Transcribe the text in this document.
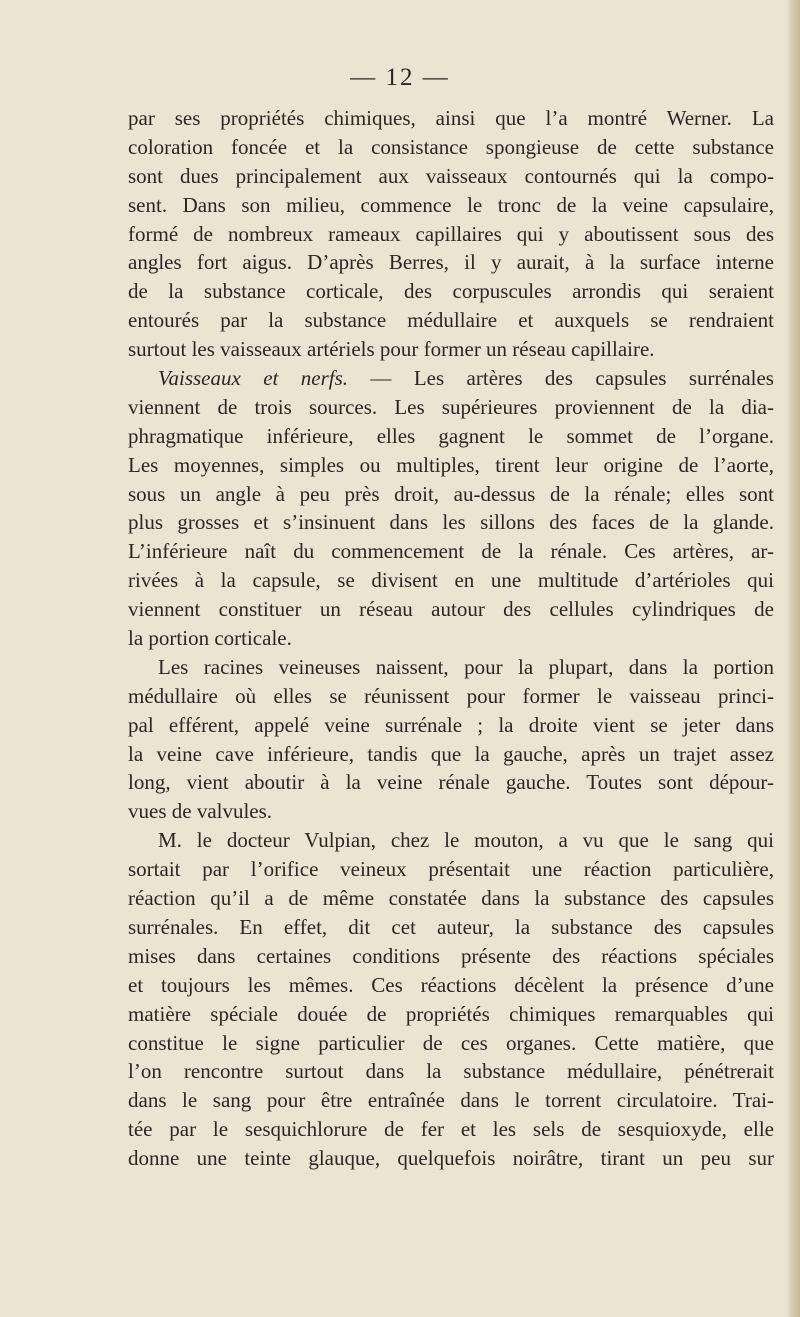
— 12 —
par ses propriétés chimiques, ainsi que l’a montré Werner. La
coloration foncée et la consistance spongieuse de cette substance
sont dues principalement aux vaisseaux contournés qui la compo-
sent. Dans son milieu, commence le tronc de la veine capsulaire,
formé de nombreux rameaux capillaires qui y aboutissent sous des
angles fort aigus. D’après Berres, il y aurait, à la surface interne
de la substance corticale, des corpuscules arrondis qui seraient
entourés par la substance médullaire et auxquels se rendraient
surtout les vaisseaux artériels pour former un réseau capillaire.
Vaisseaux et nerfs. — Les artères des capsules surrénales
viennent de trois sources. Les supérieures proviennent de la dia-
phragmatique inférieure, elles gagnent le sommet de l’organe.
Les moyennes, simples ou multiples, tirent leur origine de l’aorte,
sous un angle à peu près droit, au-dessus de la rénale; elles sont
plus grosses et s’insinuent dans les sillons des faces de la glande.
L’inférieure naît du commencement de la rénale. Ces artères, ar-
rivées à la capsule, se divisent en une multitude d’artérioles qui
viennent constituer un réseau autour des cellules cylindriques de
la portion corticale.
Les racines veineuses naissent, pour la plupart, dans la portion
médullaire où elles se réunissent pour former le vaisseau princi-
pal efférent, appelé veine surrénale ; la droite vient se jeter dans
la veine cave inférieure, tandis que la gauche, après un trajet assez
long, vient aboutir à la veine rénale gauche. Toutes sont dépour-
vues de valvules.
M. le docteur Vulpian, chez le mouton, a vu que le sang qui
sortait par l’orifice veineux présentait une réaction particulière,
réaction qu’il a de même constatée dans la substance des capsules
surrénales. En effet, dit cet auteur, la substance des capsules
mises dans certaines conditions présente des réactions spéciales
et toujours les mêmes. Ces réactions décèlent la présence d’une
matière spéciale douée de propriétés chimiques remarquables qui
constitue le signe particulier de ces organes. Cette matière, que
l’on rencontre surtout dans la substance médullaire, pénétrerait
dans le sang pour être entraînée dans le torrent circulatoire. Trai-
tée par le sesquichlorure de fer et les sels de sesquioxyde, elle
donne une teinte glauque, quelquefois noirâtre, tirant un peu sur
